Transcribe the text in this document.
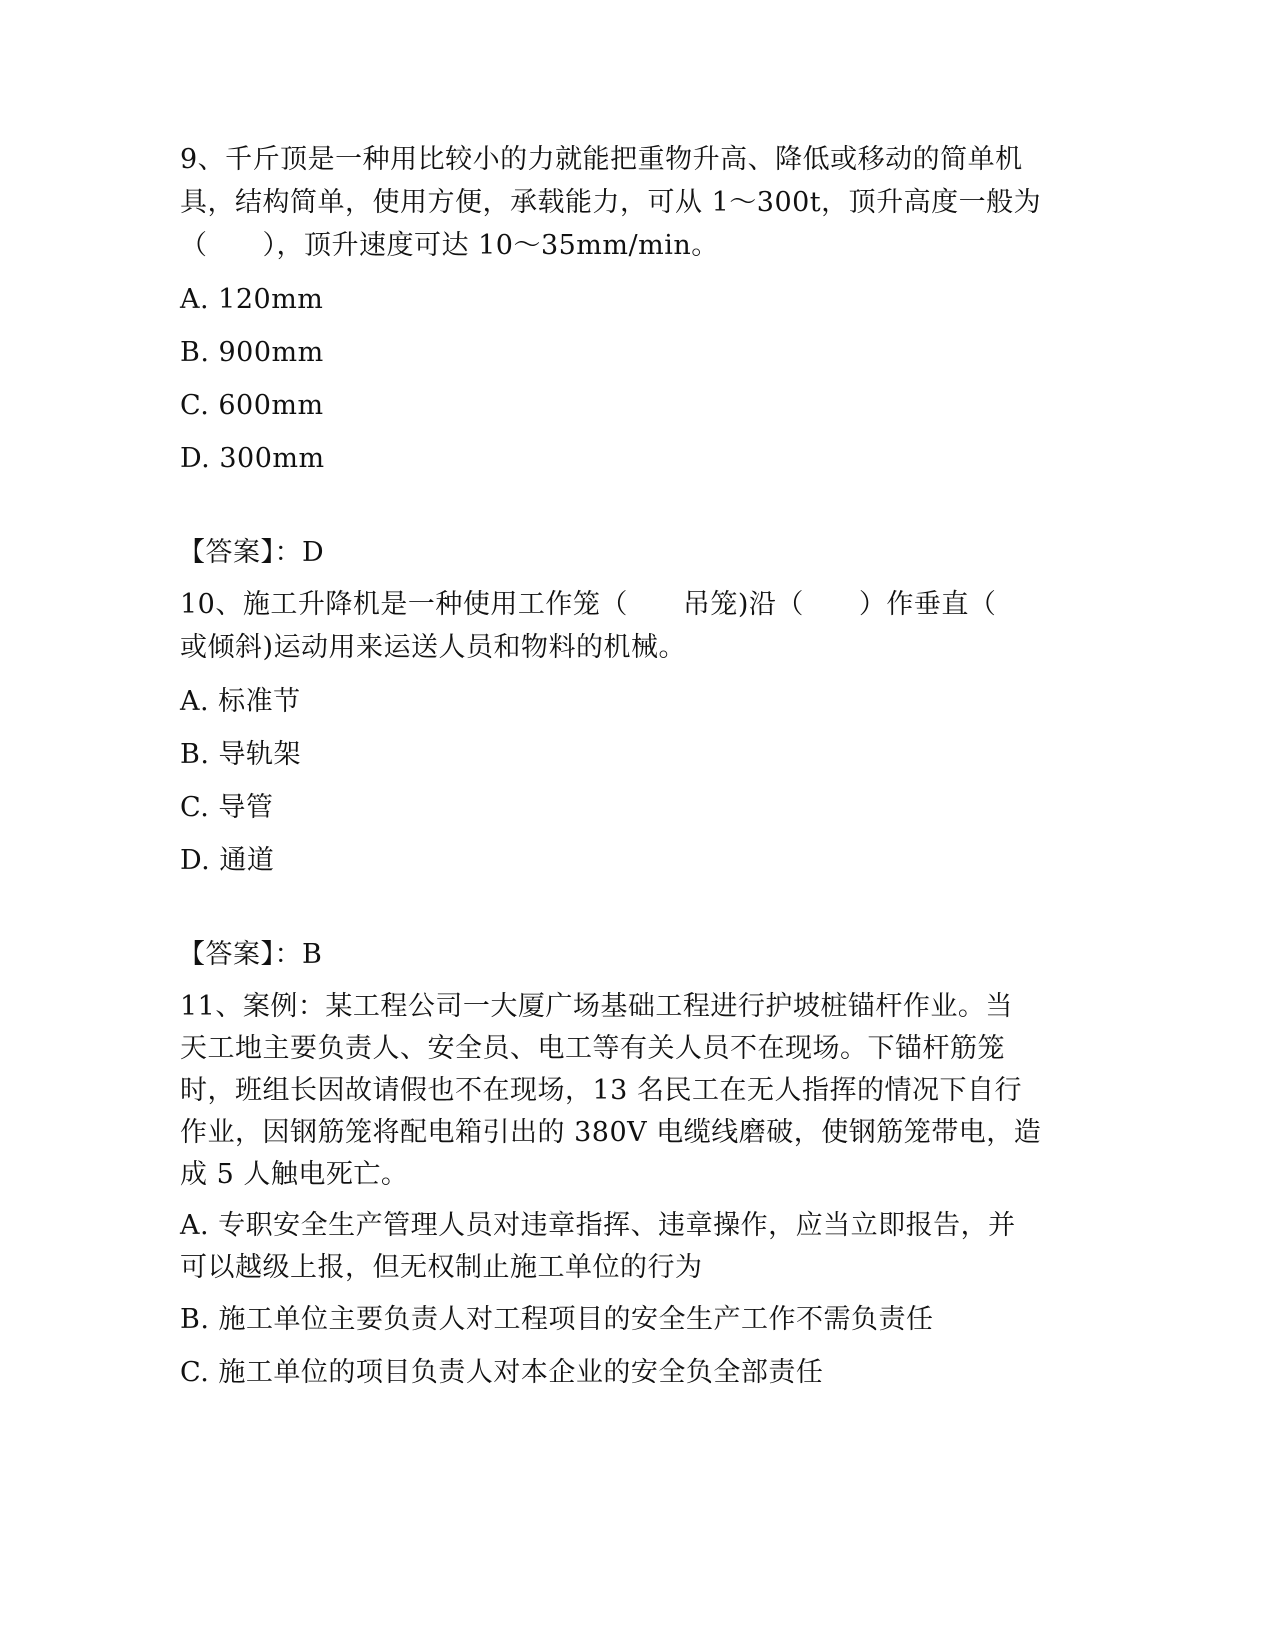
9、千斤顶是一种用比较小的力就能把重物升高、降低或移动的简单机
具，结构简单，使用方便，承载能力，可从 1～300t，顶升高度一般为
（　　），顶升速度可达 10～35mm/min。
A. 120mm
B. 900mm
C. 600mm
D. 300mm
【答案】：D
10、施工升降机是一种使用工作笼（　　吊笼)沿（　　）作垂直（
或倾斜)运动用来运送人员和物料的机械。
A. 标准节
B. 导轨架
C. 导管
D. 通道
【答案】：B
11、案例：某工程公司一大厦广场基础工程进行护坡桩锚杆作业。当
天工地主要负责人、安全员、电工等有关人员不在现场。下锚杆筋笼
时，班组长因故请假也不在现场，13 名民工在无人指挥的情况下自行
作业，因钢筋笼将配电箱引出的 380V 电缆线磨破，使钢筋笼带电，造
成 5 人触电死亡。
A. 专职安全生产管理人员对违章指挥、违章操作，应当立即报告，并
可以越级上报，但无权制止施工单位的行为
B. 施工单位主要负责人对工程项目的安全生产工作不需负责任
C. 施工单位的项目负责人对本企业的安全负全部责任
